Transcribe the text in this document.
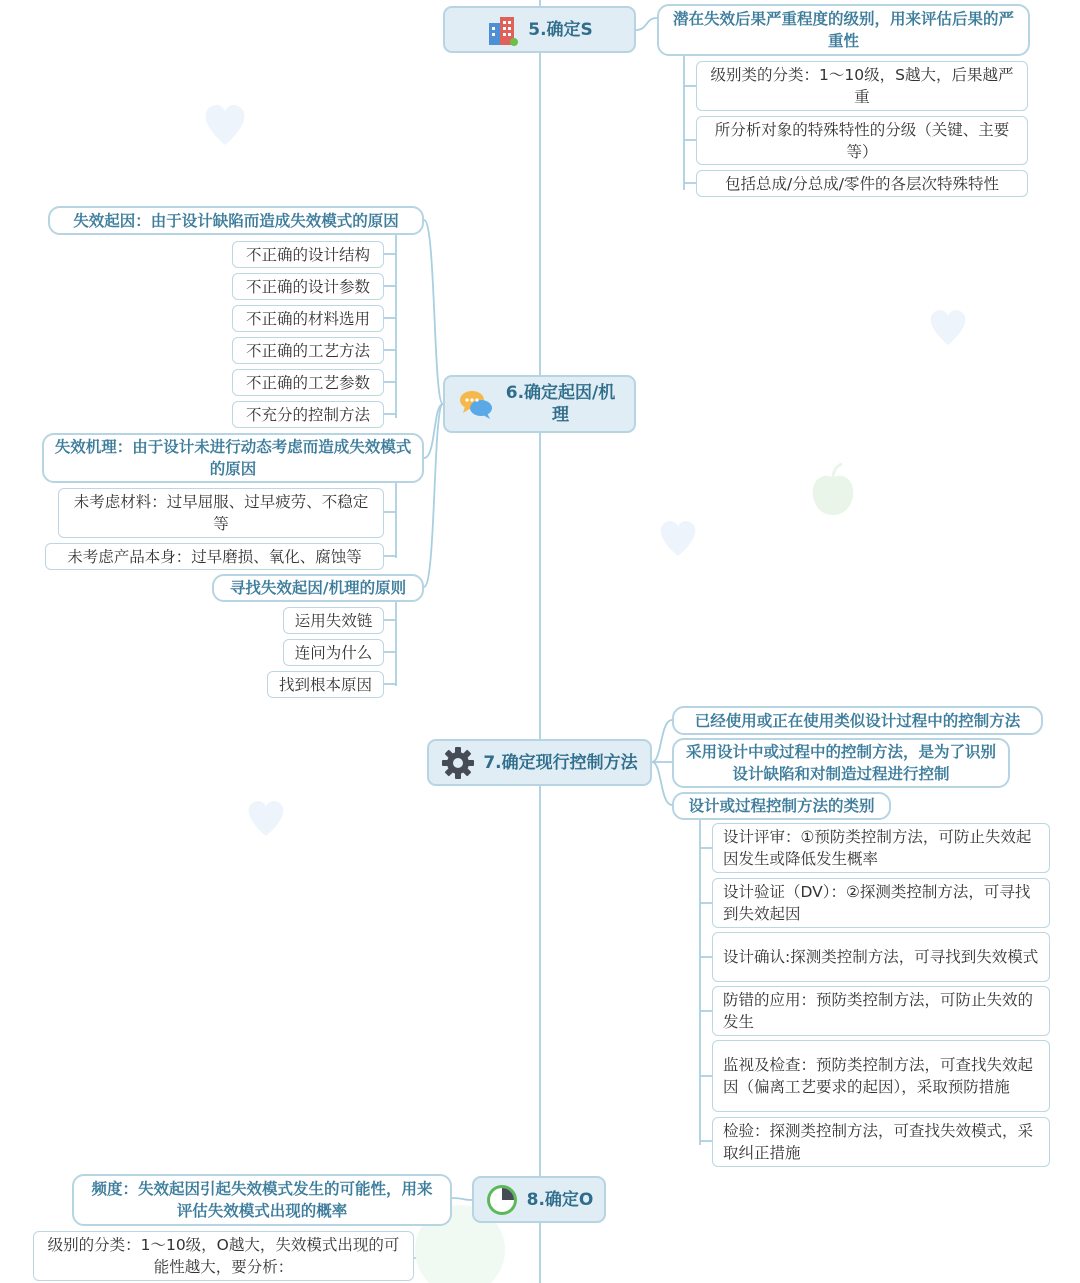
5.确定S
潜在失效后果严重程度的级别，用来评估后果的严重性
级别类的分类：1～10级，S越大，后果越严重
所分析对象的特殊特性的分级（关键、主要等）
包括总成/分总成/零件的各层次特殊特性
6.确定起因/机理
失效起因：由于设计缺陷而造成失效模式的原因
不正确的设计结构
不正确的设计参数
不正确的材料选用
不正确的工艺方法
不正确的工艺参数
不充分的控制方法
失效机理：由于设计未进行动态考虑而造成失效模式的原因
未考虑材料：过早屈服、过早疲劳、不稳定等
未考虑产品本身：过早磨损、氧化、腐蚀等
寻找失效起因/机理的原则
运用失效链
连问为什么
找到根本原因
7.确定现行控制方法
已经使用或正在使用类似设计过程中的控制方法
采用设计中或过程中的控制方法，是为了识别设计缺陷和对制造过程进行控制
设计或过程控制方法的类别
设计评审：①预防类控制方法，可防止失效起因发生或降低发生概率
设计验证（DV）：②探测类控制方法，可寻找到失效起因
设计确认:探测类控制方法，可寻找到失效模式
防错的应用：预防类控制方法，可防止失效的发生
监视及检查：预防类控制方法，可查找失效起因（偏离工艺要求的起因），采取预防措施
检验：探测类控制方法，可查找失效模式，采取纠正措施
8.确定O
频度：失效起因引起失效模式发生的可能性，用来评估失效模式出现的概率
级别的分类：1～10级，O越大，失效模式出现的可能性越大，要分析：
